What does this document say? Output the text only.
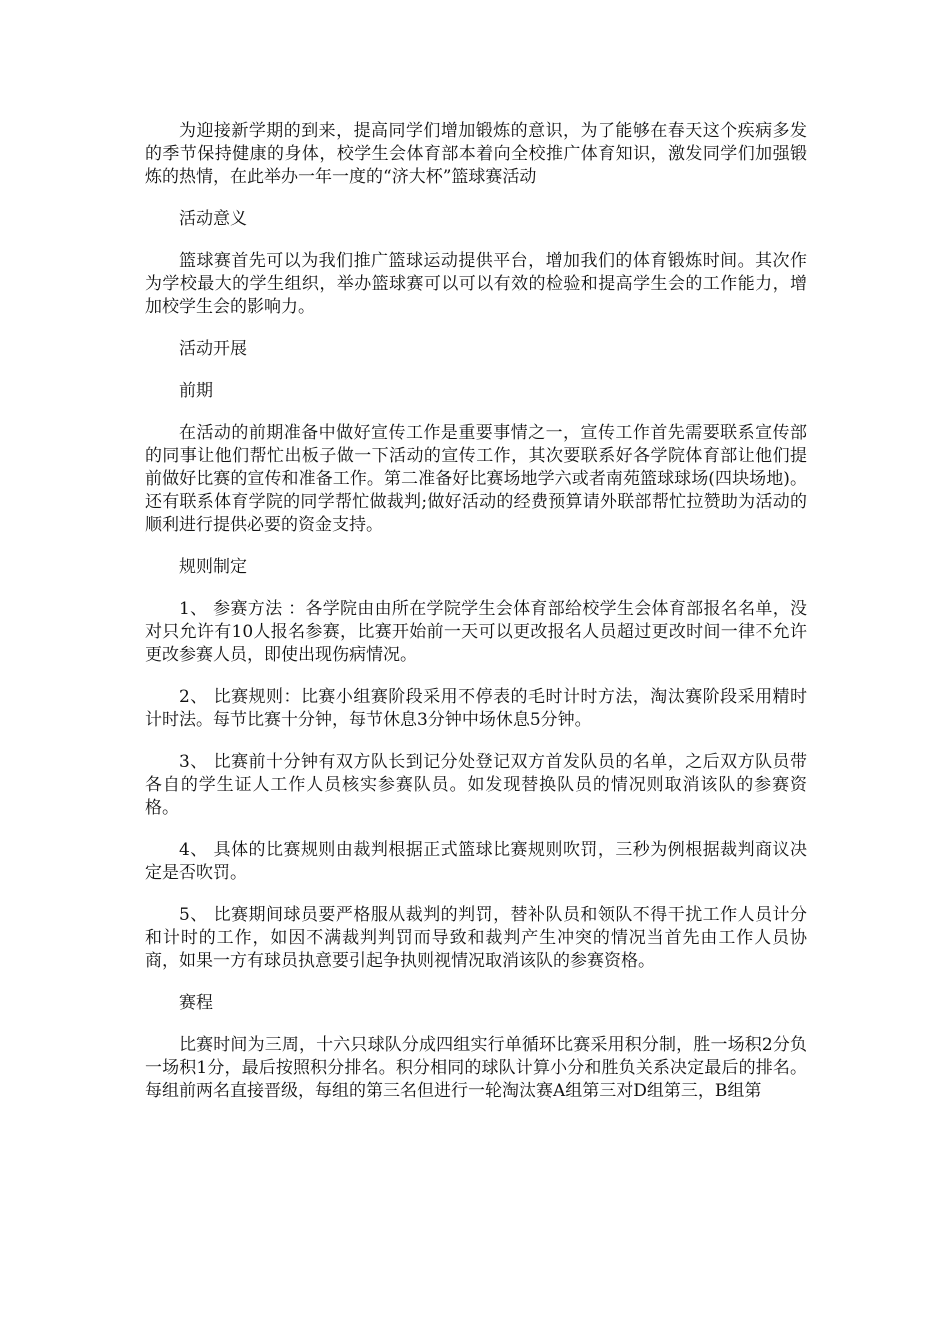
为迎接新学期的到来，提高同学们增加锻炼的意识，为了能够在春天这个疾病多发的季节保持健康的身体，校学生会体育部本着向全校推广体育知识，激发同学们加强锻炼的热情，在此举办一年一度的“济大杯”篮球赛活动

活动意义

篮球赛首先可以为我们推广篮球运动提供平台，增加我们的体育锻炼时间。其次作为学校最大的学生组织，举办篮球赛可以可以有效的检验和提高学生会的工作能力，增加校学生会的影响力。

活动开展

前期

在活动的前期准备中做好宣传工作是重要事情之一，宣传工作首先需要联系宣传部的同事让他们帮忙出板子做一下活动的宣传工作，其次要联系好各学院体育部让他们提前做好比赛的宣传和准备工作。第二准备好比赛场地学六或者南苑篮球球场(四块场地)。还有联系体育学院的同学帮忙做裁判;做好活动的经费预算请外联部帮忙拉赞助为活动的顺利进行提供必要的资金支持。

规则制定

1、 参赛方法 ：各学院由由所在学院学生会体育部给校学生会体育部报名名单，没对只允许有10人报名参赛，比赛开始前一天可以更改报名人员超过更改时间一律不允许更改参赛人员，即使出现伤病情况。

2、 比赛规则：比赛小组赛阶段采用不停表的毛时计时方法，淘汰赛阶段采用精时计时法。每节比赛十分钟，每节休息3分钟中场休息5分钟。

3、 比赛前十分钟有双方队长到记分处登记双方首发队员的名单，之后双方队员带各自的学生证人工作人员核实参赛队员。如发现替换队员的情况则取消该队的参赛资格。

4、 具体的比赛规则由裁判根据正式篮球比赛规则吹罚，三秒为例根据裁判商议决定是否吹罚。

5、 比赛期间球员要严格服从裁判的判罚，替补队员和领队不得干扰工作人员计分和计时的工作，如因不满裁判判罚而导致和裁判产生冲突的情况当首先由工作人员协商，如果一方有球员执意要引起争执则视情况取消该队的参赛资格。

赛程

比赛时间为三周，十六只球队分成四组实行单循环比赛采用积分制，胜一场积2分负一场积1分，最后按照积分排名。积分相同的球队计算小分和胜负关系决定最后的排名。每组前两名直接晋级，每组的第三名但进行一轮淘汰赛A组第三对D组第三，B组第
